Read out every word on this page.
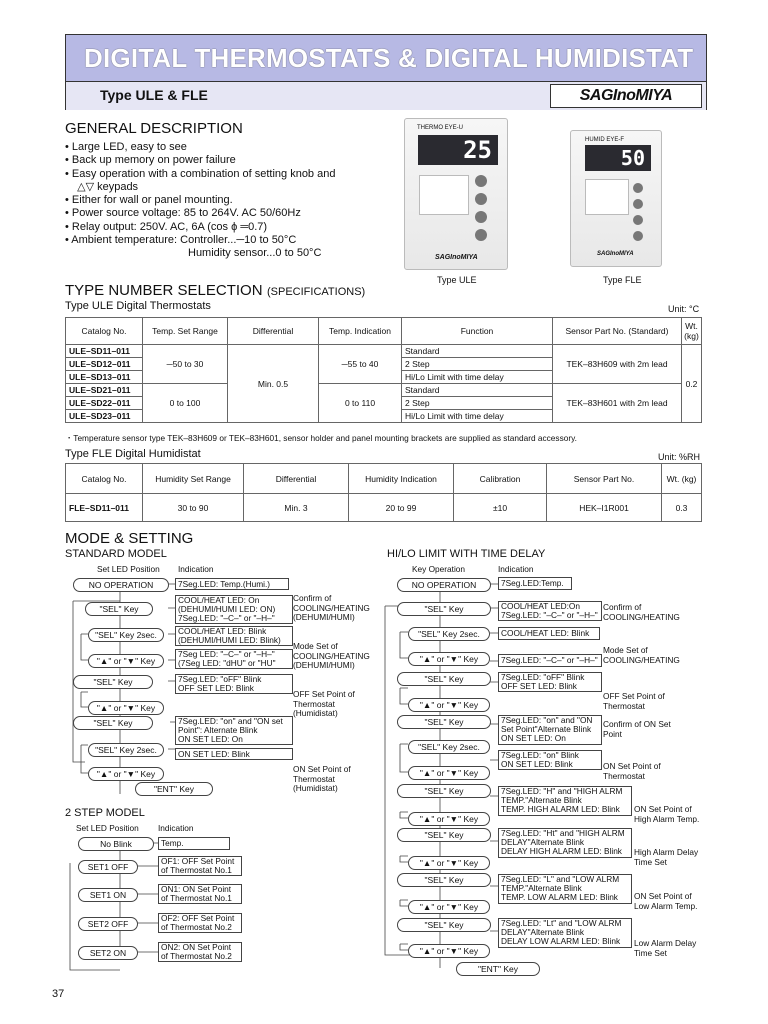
DIGITAL THERMOSTATS & DIGITAL HUMIDISTAT
Type ULE & FLE	SAGInoMIYA
GENERAL DESCRIPTION
• Large LED, easy to see
• Back up memory on power failure
• Easy operation with a combination of setting knob and
△▽ keypads
• Either for wall or panel mounting.
• Power source voltage: 85 to 264V. AC 50/60Hz
• Relay output: 250V. AC, 6A (cos ϕ ═0.7)
• Ambient temperature: Controller...─10 to 50°C
Humidity sensor...0 to 50°C
THERMO EYE-U
25
SAGInoMIYA
Type ULE
HUMID EYE-F
50
SAGInoMIYA
Type FLE
TYPE NUMBER SELECTION (SPECIFICATIONS)
Type ULE Digital Thermostats	Unit: °C
Catalog No.	Temp. Set Range	Differential	Temp. Indication	Function	Sensor Part No. (Standard)	Wt. (kg)
ULE–SD11–011	─50 to 30	Min. 0.5	─55 to 40	Standard	TEK–83H609 with 2m lead	0.2
ULE–SD12–011				2 Step		
ULE–SD13–011				Hi/Lo Limit with time delay		
ULE–SD21–011	0 to 100		0 to 110	Standard	TEK–83H601 with 2m lead	
ULE–SD22–011				2 Step		
ULE–SD23–011				Hi/Lo Limit with time delay		
・Temperature sensor type TEK–83H609 or TEK–83H601, sensor holder and panel mounting brackets are supplied as standard accessory.
Type FLE Digital Humidistat	Unit: %RH
Catalog No.	Humidity Set Range	Differential	Humidity Indication	Calibration	Sensor Part No.	Wt. (kg)
FLE–SD11–011	30 to 90	Min. 3	20 to 99	±10	HEK–I1R001	0.3
MODE & SETTING
STANDARD MODEL
Set LED Position Indication
NO OPERATION
"SEL" Key
"SEL" Key 2sec.
"▲" or "▼" Key
"SEL" Key
"▲" or "▼" Key
"SEL" Key
"SEL" Key 2sec.
"▲" or "▼" Key
"ENT" Key
7Seg.LED: Temp.(Humi.)
COOL/HEAT LED: On
(DEHUMI/HUMI LED: ON)
7Seg.LED: "–C–" or "–H–"
COOL/HEAT LED: Blink
(DEHUMI/HUMI LED: Blink)
7Seg LED: "–C–" or "–H–"
(7Seg LED: "dHU" or "HU"
7Seg.LED: "oFF" Blink
OFF SET LED: Blink
7Seg.LED: "on" and "ON set
Point": Alternate Blink
ON SET LED: On
ON SET LED: Blink
Confirm of
COOLING/HEATING
(DEHUMI/HUMI)
Mode Set of
COOLING/HEATING
(DEHUMI/HUMI)
OFF Set Point of
Thermostat
(Humidistat)
ON Set Point of
Thermostat
(Humidistat)
2 STEP MODEL
Set LED Position Indication
No Blink
SET1 OFF
SET1 ON
SET2 OFF
SET2 ON
Temp.
OF1: OFF Set Point
of Thermostat No.1
ON1: ON Set Point
of Thermostat No.1
OF2: OFF Set Point
of Thermostat No.2
ON2: ON Set Point
of Thermostat No.2
HI/LO LIMIT WITH TIME DELAY
Key Operation	Indication
NO OPERATION
"SEL" Key
"SEL" Key 2sec.
"▲" or "▼" Key
"SEL" Key
"▲" or "▼" Key
"SEL" Key
"SEL" Key 2sec.
"▲" or "▼" Key
"SEL" Key
"▲" or "▼" Key
"SEL" Key
"▲" or "▼" Key
"SEL" Key
"▲" or "▼" Key
"SEL" Key
"▲" or "▼" Key
"ENT" Key
7Seg.LED:Temp.
COOL/HEAT LED:On
7Seg.LED: "–C–" or "–H–"
COOL/HEAT LED: Blink
7Seg.LED: "–C–" or "–H–"
7Seg.LED: "oFF" Blink
OFF SET LED: Blink
7Seg.LED: "on" and "ON
Set Point"Alternate Blink
ON SET LED: On
7Seg.LED: "on" Blink
ON SET LED: Blink
7Seg.LED: "H" and "HIGH ALRM
TEMP."Alternate Blink
TEMP. HIGH ALARM LED: Blink
7Seg.LED: "Ht" and "HIGH ALRM
DELAY"Alternate Blink
DELAY HIGH ALARM LED: Blink
7Seg.LED: "L" and "LOW ALRM
TEMP."Alternate Blink
TEMP. LOW ALARM LED: Blink
7Seg.LED: "Lt" and "LOW ALRM
DELAY"Alternate Blink
DELAY LOW ALARM LED: Blink
Confirm of
COOLING/HEATING
Mode Set of
COOLING/HEATING
OFF Set Point of
Thermostat
Confirm of ON Set
Point
ON Set Point of
Thermostat
ON Set Point of
High Alarm Temp.
High Alarm Delay
Time Set
ON Set Point of
Low Alarm Temp.
Low Alarm Delay
Time Set
37
